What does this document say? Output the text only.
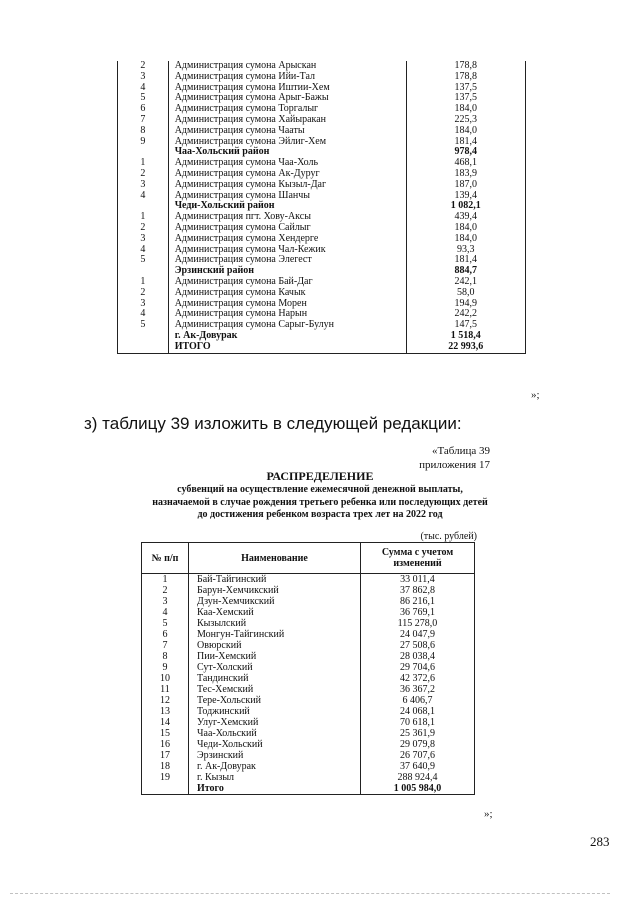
2	Администрация сумона Арыскан	178,8
3	Администрация сумона Ийи-Тал	178,8
4	Администрация сумона Иштии-Хем	137,5
5	Администрация сумона Арыг-Бажы	137,5
6	Администрация сумона Торгалыг	184,0
7	Администрация сумона Хайыракан	225,3
8	Администрация сумона Чааты	184,0
9	Администрация сумона Эйлиг-Хем	181,4
	Чаа-Хольский район	978,4
1	Администрация сумона Чаа-Холь	468,1
2	Администрация сумона Ак-Дуруг	183,9
3	Администрация сумона Кызыл-Даг	187,0
4	Администрация сумона Шанчы	139,4
	Чеди-Хольский район	1 082,1
1	Администрация пгт. Хову-Аксы	439,4
2	Администрация сумона Сайлыг	184,0
3	Администрация сумона Хендерге	184,0
4	Администрация сумона Чал-Кежик	93,3
5	Администрация сумона Элегест	181,4
	Эрзинский район	884,7
1	Администрация сумона Бай-Даг	242,1
2	Администрация сумона Качык	58,0
3	Администрация сумона Морен	194,9
4	Администрация сумона Нарын	242,2
5	Администрация сумона Сарыг-Булун	147,5
	г. Ак-Довурак	1 518,4
	ИТОГО	22 993,6
»;
з) таблицу 39 изложить в следующей редакции:
«Таблица 39
приложения 17
РАСПРЕДЕЛЕНИЕ
субвенций на осуществление ежемесячной денежной выплаты, назначаемой в случае рождения третьего ребенка или последующих детей до достижения ребенком возраста трех лет на 2022 год
(тыс. рублей)
№ п/п	Наименование	Сумма с учетом изменений
1	Бай-Тайгинский	33 011,4
2	Барун-Хемчикский	37 862,8
3	Дзун-Хемчикский	86 216,1
4	Каа-Хемский	36 769,1
5	Кызылский	115 278,0
6	Монгун-Тайгинский	24 047,9
7	Овюрский	27 508,6
8	Пии-Хемский	28 038,4
9	Сут-Холский	29 704,6
10	Тандинский	42 372,6
11	Тес-Хемский	36 367,2
12	Тере-Хольский	6 406,7
13	Тоджинский	24 068,1
14	Улуг-Хемский	70 618,1
15	Чаа-Хольский	25 361,9
16	Чеди-Хольский	29 079,8
17	Эрзинский	26 707,6
18	г. Ак-Довурак	37 640,9
19	г. Кызыл	288 924,4
	Итого	1 005 984,0
»;
283
